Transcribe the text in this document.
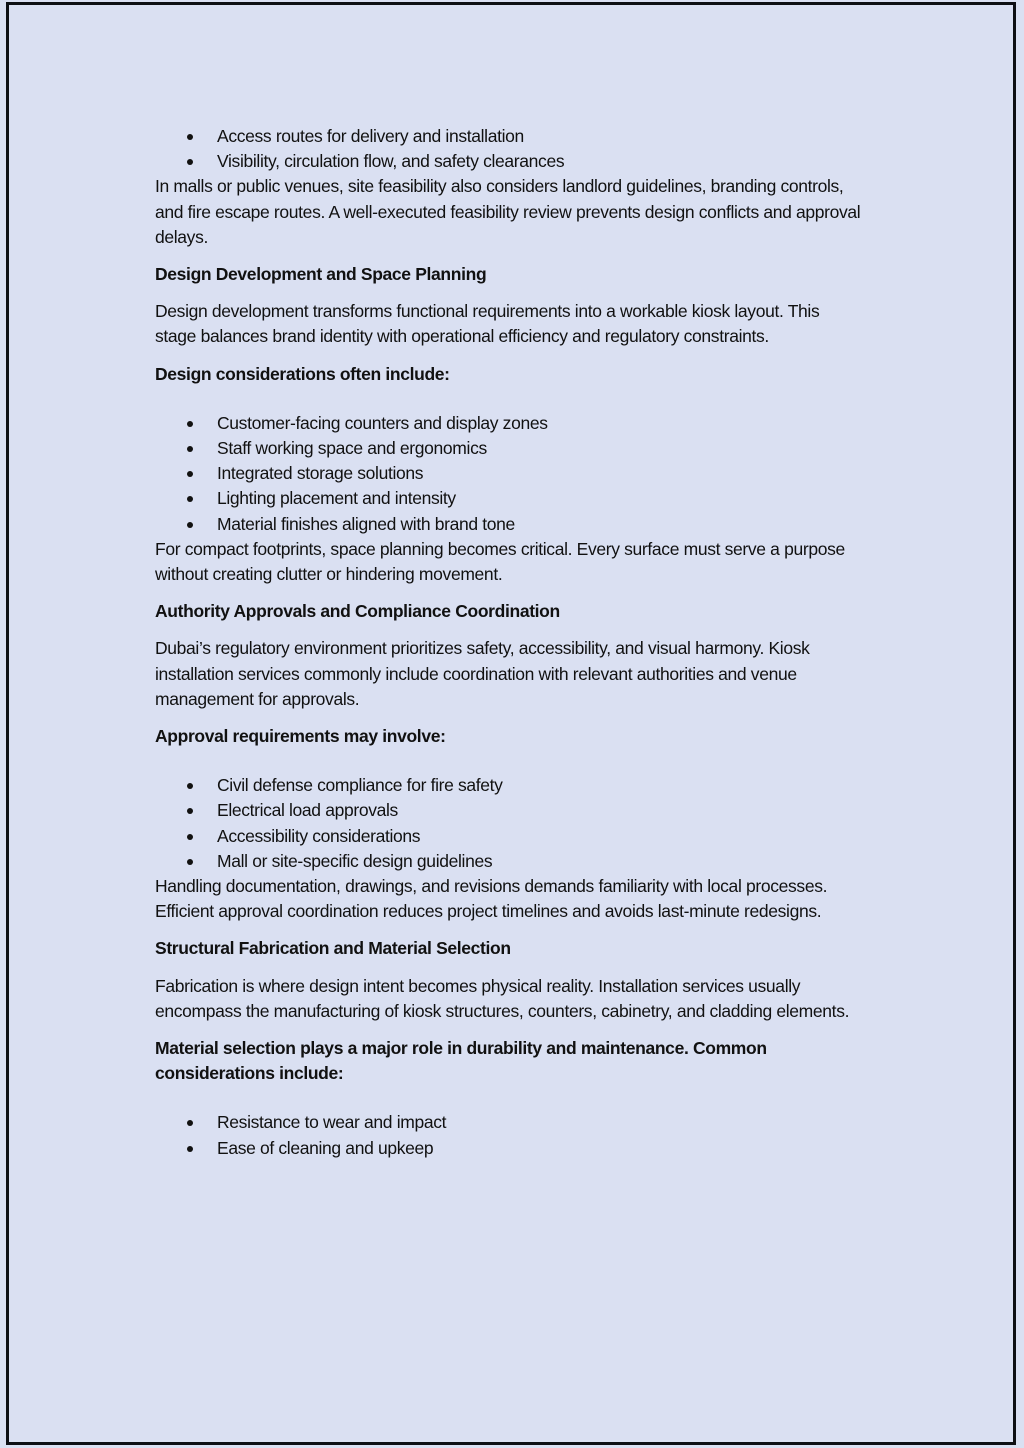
Access routes for delivery and installation
Visibility, circulation flow, and safety clearances

In malls or public venues, site feasibility also considers landlord guidelines, branding controls, and fire escape routes. A well-executed feasibility review prevents design conflicts and approval delays.

Design Development and Space Planning

Design development transforms functional requirements into a workable kiosk layout. This stage balances brand identity with operational efficiency and regulatory constraints.

Design considerations often include:

Customer-facing counters and display zones
Staff working space and ergonomics
Integrated storage solutions
Lighting placement and intensity
Material finishes aligned with brand tone

For compact footprints, space planning becomes critical. Every surface must serve a purpose without creating clutter or hindering movement.

Authority Approvals and Compliance Coordination

Dubai’s regulatory environment prioritizes safety, accessibility, and visual harmony. Kiosk installation services commonly include coordination with relevant authorities and venue management for approvals.

Approval requirements may involve:

Civil defense compliance for fire safety
Electrical load approvals
Accessibility considerations
Mall or site-specific design guidelines

Handling documentation, drawings, and revisions demands familiarity with local processes. Efficient approval coordination reduces project timelines and avoids last-minute redesigns.

Structural Fabrication and Material Selection

Fabrication is where design intent becomes physical reality. Installation services usually encompass the manufacturing of kiosk structures, counters, cabinetry, and cladding elements.

Material selection plays a major role in durability and maintenance. Common considerations include:

Resistance to wear and impact
Ease of cleaning and upkeep
